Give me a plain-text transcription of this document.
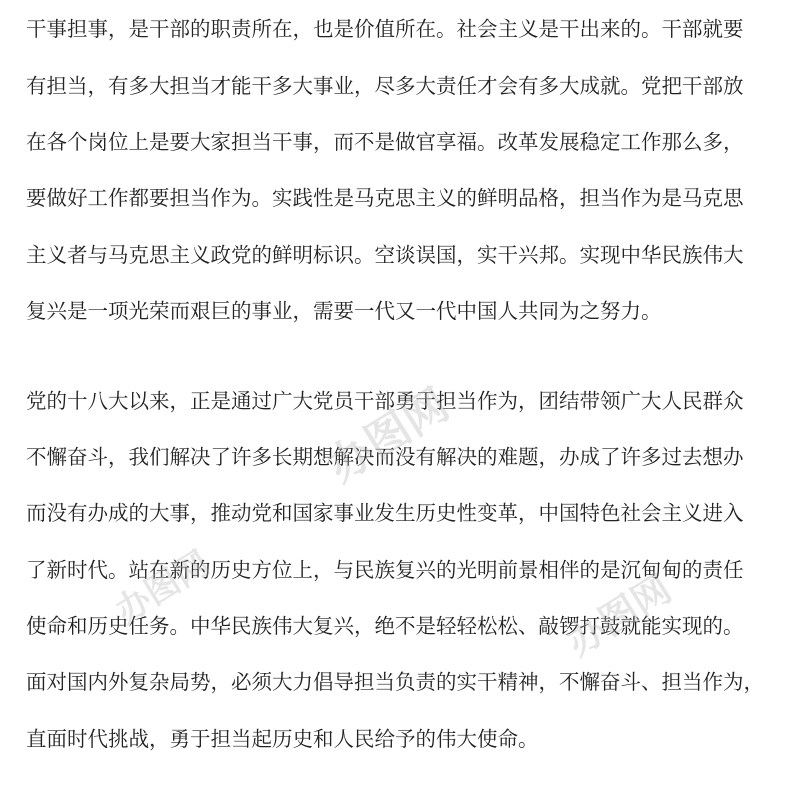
干事担事，是干部的职责所在，也是价值所在。社会主义是干出来的。干部就要
有担当，有多大担当才能干多大事业，尽多大责任才会有多大成就。党把干部放
在各个岗位上是要大家担当干事，而不是做官享福。改革发展稳定工作那么多，
要做好工作都要担当作为。实践性是马克思主义的鲜明品格，担当作为是马克思
主义者与马克思主义政党的鲜明标识。空谈误国，实干兴邦。实现中华民族伟大
复兴是一项光荣而艰巨的事业，需要一代又一代中国人共同为之努力。
党的十八大以来，正是通过广大党员干部勇于担当作为，团结带领广大人民群众
不懈奋斗，我们解决了许多长期想解决而没有解决的难题，办成了许多过去想办
而没有办成的大事，推动党和国家事业发生历史性变革，中国特色社会主义进入
了新时代。站在新的历史方位上，与民族复兴的光明前景相伴的是沉甸甸的责任
使命和历史任务。中华民族伟大复兴，绝不是轻轻松松、敲锣打鼓就能实现的。
面对国内外复杂局势，必须大力倡导担当负责的实干精神，不懈奋斗、担当作为，
直面时代挑战，勇于担当起历史和人民给予的伟大使命。
办图网
办图网	办图网
